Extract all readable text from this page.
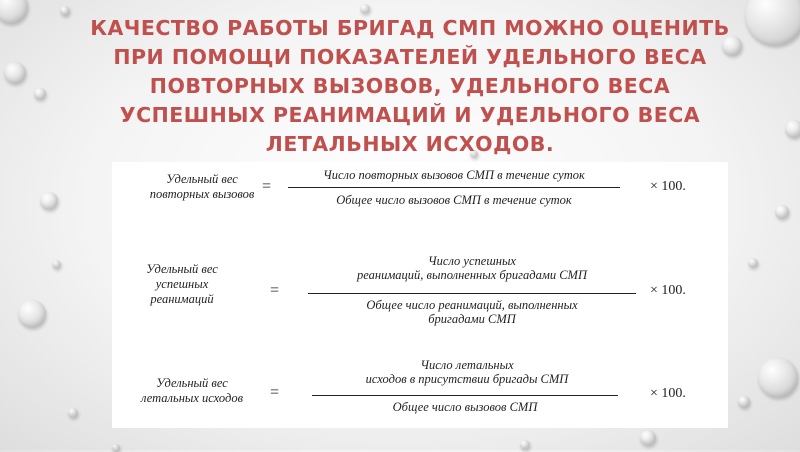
КАЧЕСТВО РАБОТЫ БРИГАД СМП МОЖНО ОЦЕНИТЬ ПРИ ПОМОЩИ ПОКАЗАТЕЛЕЙ УДЕЛЬНОГО ВЕСА ПОВТОРНЫХ ВЫЗОВОВ, УДЕЛЬНОГО ВЕСА УСПЕШНЫХ РЕАНИМАЦИЙ И УДЕЛЬНОГО ВЕСА ЛЕТАЛЬНЫХ ИСХОДОВ.
Удельный вес
повторных вызовов =
Число повторных вызовов СМП в течение суток
Общее число вызовов СМП в течение суток
× 100.
Удельный вес
успешных
реанимаций	=
Число успешных
реанимаций, выполненных бригадами СМП
Общее число реанимаций, выполненных
бригадами СМП
× 100.
Удельный вес
летальных исходов	=
Число летальных
исходов в присутствии бригады СМП
Общее число вызовов СМП
× 100.
